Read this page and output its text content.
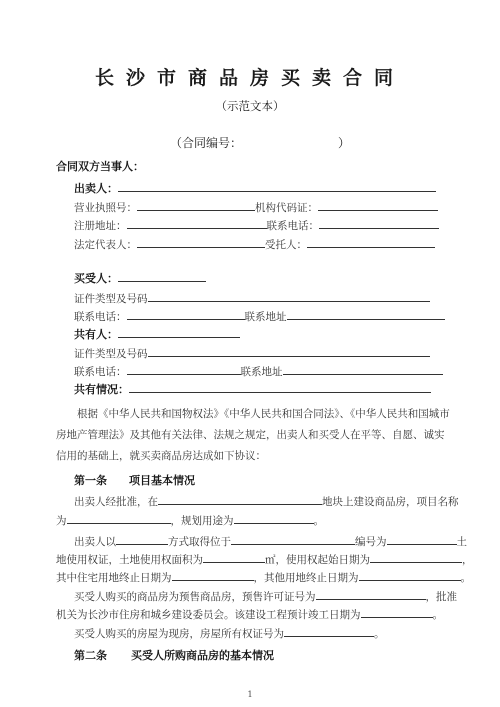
长沙市商品房买卖合同
（示范文本）
（合同编号：	）
合同双方当事人：
出卖人：
营业执照号：	机构代码证：
注册地址：	联系电话：
法定代表人：	受托人：
买受人：
证件类型及号码
联系电话：	联系地址
共有人：
证件类型及号码
联系电话：	联系地址
共有情况：
根据《中华人民共和国物权法》《中华人民共和国合同法》、《中华人民共和国城市房地产管理法》及其他有关法律、法规之规定，出卖人和买受人在平等、自愿、诚实信用的基础上，就买卖商品房达成如下协议：
第一条 项目基本情况
出卖人经批准，在	地块上建设商品房，项目名称
为	，规划用途为	。
出卖人以	方式取得位于	编号为	土
地使用权证，土地使用权面积为	㎡，使用权起始日期为	，
其中住宅用地终止日期为	，其他用地终止日期为	。
买受人购买的商品房为预售商品房，预售许可证号为	，批准
机关为长沙市住房和城乡建设委员会。该建设工程预计竣工日期为	。
买受人购买的房屋为现房，房屋所有权证号为	。
第二条 买受人所购商品房的基本情况
1
